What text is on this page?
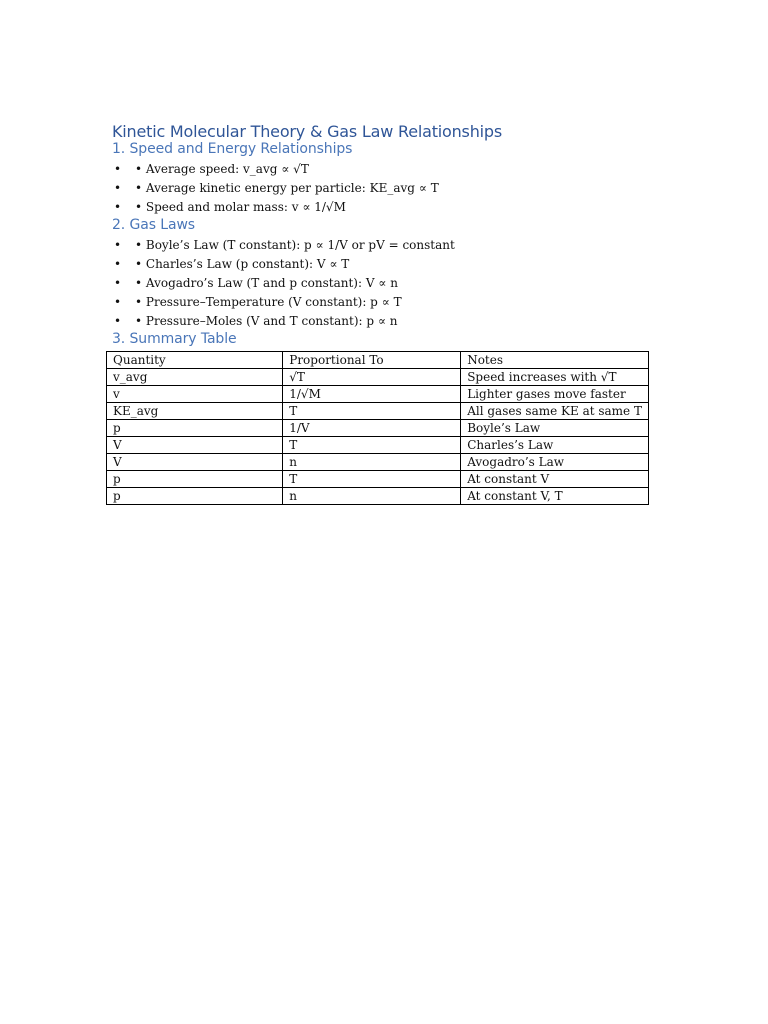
Kinetic Molecular Theory & Gas Law Relationships
1. Speed and Energy Relationships
• • Average speed: v_avg ∝ √T
• • Average kinetic energy per particle: KE_avg ∝ T
• • Speed and molar mass: v ∝ 1/√M
2. Gas Laws
• • Boyle’s Law (T constant): p ∝ 1/V or pV = constant
• • Charles’s Law (p constant): V ∝ T
• • Avogadro’s Law (T and p constant): V ∝ n
• • Pressure–Temperature (V constant): p ∝ T
• • Pressure–Moles (V and T constant): p ∝ n
3. Summary Table
Quantity	Proportional To	Notes
v_avg	√T	Speed increases with √T
v	1/√M	Lighter gases move faster
KE_avg	T	All gases same KE at same T
p	1/V	Boyle’s Law
V	T	Charles’s Law
V	n	Avogadro’s Law
p	T	At constant V
p	n	At constant V, T
